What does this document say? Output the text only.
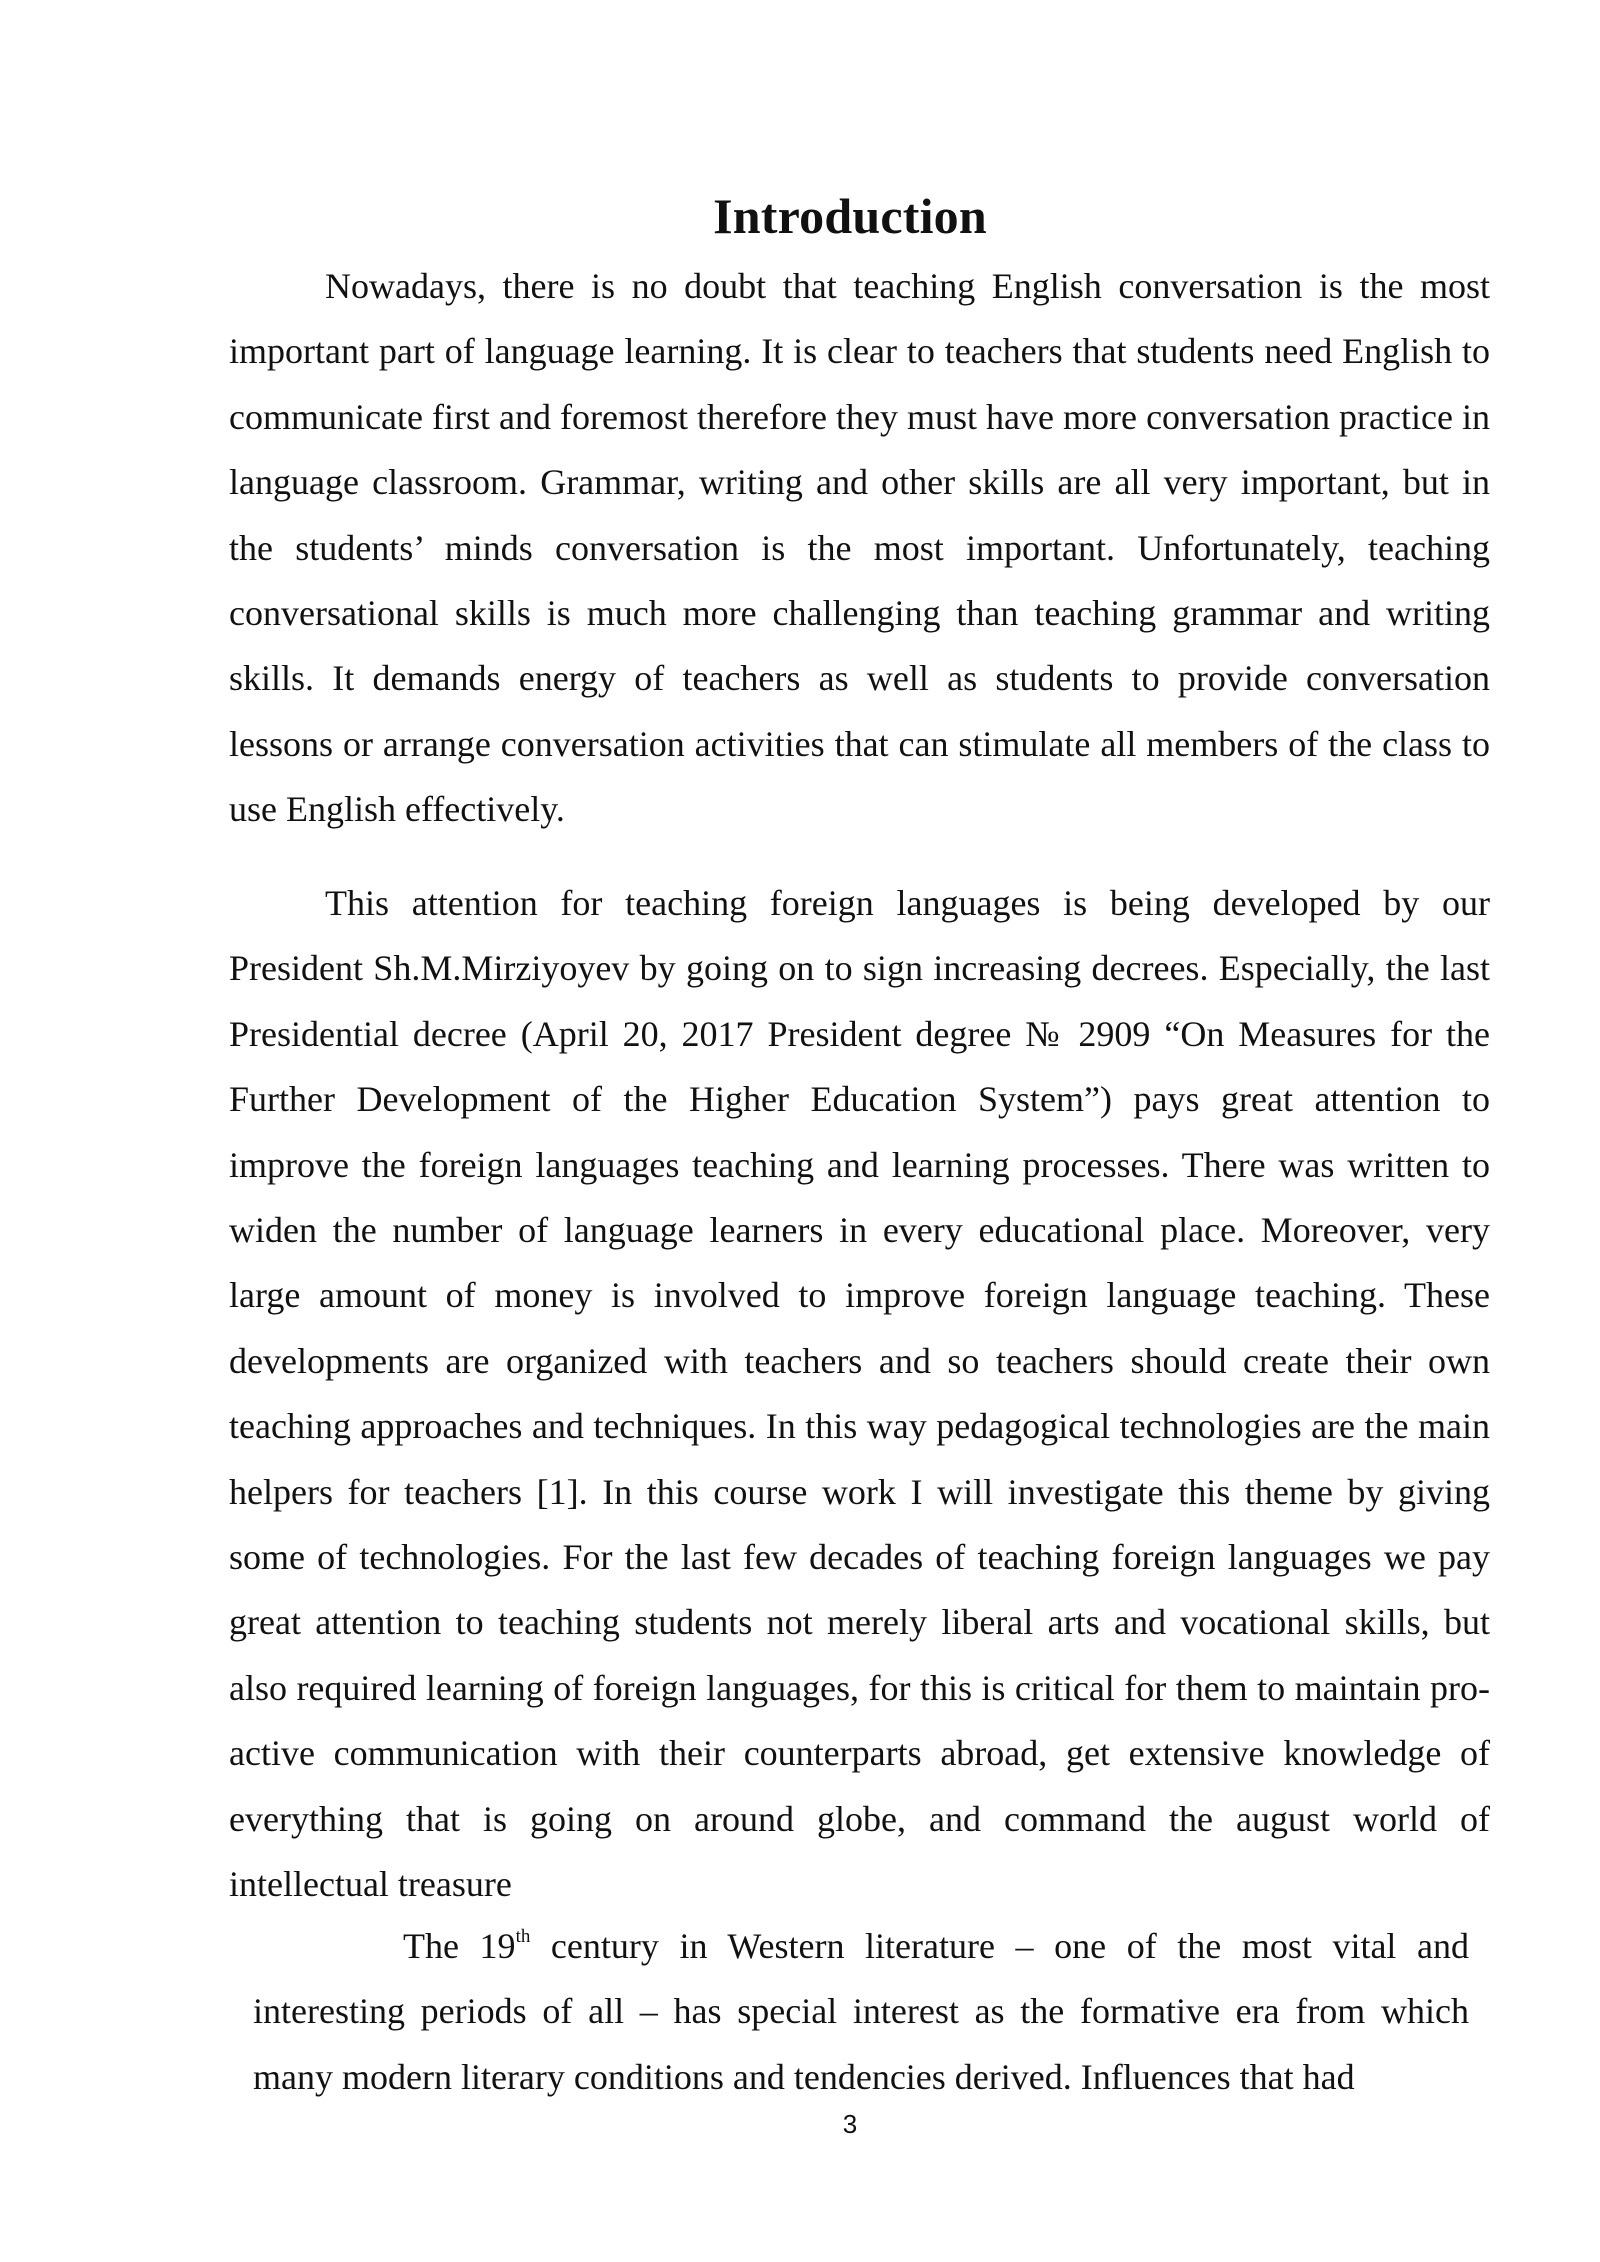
Introduction

Nowadays, there is no doubt that teaching English conversation is the most important part of language learning. It is clear to teachers that students need English to communicate first and foremost therefore they must have more conversation practice in language classroom. Grammar, writing and other skills are all very important, but in the students’ minds conversation is the most important. Unfortunately, teaching conversational skills is much more challenging than teaching grammar and writing skills. It demands energy of teachers as well as students to provide conversation lessons or arrange conversation activities that can stimulate all members of the class to use English effectively.

This attention for teaching foreign languages is being developed by our President Sh.M.Mirziyoyev by going on to sign increasing decrees. Especially, the last Presidential decree (April 20, 2017 President degree № 2909 “On Measures for the Further Development of the Higher Education System”) pays great attention to improve the foreign languages teaching and learning processes. There was written to widen the number of language learners in every educational place. Moreover, very large amount of money is involved to improve foreign language teaching. These developments are organized with teachers and so teachers should create their own teaching approaches and techniques. In this way pedagogical technologies are the main helpers for teachers [1]. In this course work I will investigate this theme by giving some of technologies. For the last few decades of teaching foreign languages we pay great attention to teaching students not merely liberal arts and vocational skills, but also required learning of foreign languages, for this is critical for them to maintain pro-active communication with their counterparts abroad, get extensive knowledge of everything that is going on around globe, and command the august world of intellectual treasure

The 19th century in Western literature – one of the most vital and interesting periods of all – has special interest as the formative era from which many modern literary conditions and tendencies derived. Influences that had

3
